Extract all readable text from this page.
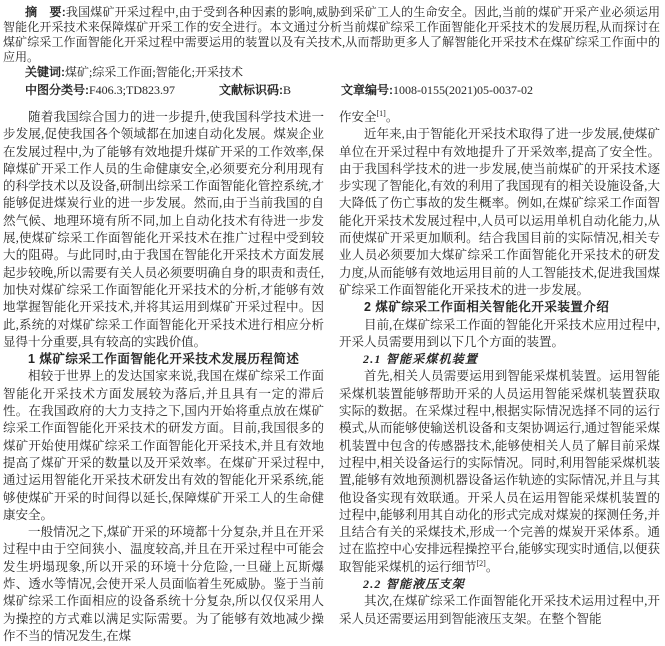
摘　要:我国煤矿开采过程中,由于受到各种因素的影响,威胁到采矿工人的生命安全。因此,当前的煤矿开采产业必须运用智能化开采技术来保障煤矿开采工作的安全进行。本文通过分析当前煤矿综采工作面智能化开采技术的发展历程,从而探讨在煤矿综采工作面智能化开采过程中需要运用的装置以及有关技术,从而帮助更多人了解智能化开采技术在煤矿综采工作面中的应用。
关键词:煤矿;综采工作面;智能化;开采技术
中图分类号:F406.3;TD823.97	文献标识码:B	文章编号:1008-0155(2021)05-0037-02

随着我国综合国力的进一步提升,使我国科学技术进一步发展,促使我国各个领域都在加速自动化发展。煤炭企业在发展过程中,为了能够有效地提升煤矿开采的工作效率,保障煤矿开采工作人员的生命健康安全,必须要充分利用现有的科学技术以及设备,研制出综采工作面智能化管控系统,才能够促进煤炭行业的进一步发展。然而,由于当前我国的自然气候、地理环境有所不同,加上自动化技术有待进一步发展,使煤矿综采工作面智能化开采技术在推广过程中受到较大的阻碍。与此同时,由于我国在智能化开采技术方面发展起步较晚,所以需要有关人员必须要明确自身的职责和责任,加快对煤矿综采工作面智能化开采技术的分析,才能够有效地掌握智能化开采技术,并将其运用到煤矿开采过程中。因此,系统的对煤矿综采工作面智能化开采技术进行相应分析显得十分重要,具有较高的实践价值。

1 煤矿综采工作面智能化开采技术发展历程简述

相较于世界上的发达国家来说,我国在煤矿综采工作面智能化开采技术方面发展较为落后,并且具有一定的滞后性。在我国政府的大力支持之下,国内开始将重点放在煤矿综采工作面智能化开采技术的研发方面。目前,我国很多的煤矿开始使用煤矿综采工作面智能化开采技术,并且有效地提高了煤矿开采的数量以及开采效率。在煤矿开采过程中,通过运用智能化开采技术研发出有效的智能化开采系统,能够使煤矿开采的时间得以延长,保障煤矿开采工人的生命健康安全。

一般情况之下,煤矿开采的环境都十分复杂,并且在开采过程中由于空间狭小、温度较高,并且在开采过程中可能会发生坍塌现象,所以开采的环境十分危险,一旦碰上瓦斯爆炸、透水等情况,会使开采人员面临着生死威胁。鉴于当前煤矿综采工作面相应的设备系统十分复杂,所以仅仅采用人为操控的方式难以满足实际需要。为了能够有效地减少操作不当的情况发生,在煤

作安全[1]。

近年来,由于智能化开采技术取得了进一步发展,使煤矿单位在开采过程中有效地提升了开采效率,提高了安全性。由于我国科学技术的进一步发展,使当前煤矿的开采技术逐步实现了智能化,有效的利用了我国现有的相关设施设备,大大降低了伤亡事故的发生概率。例如,在煤矿综采工作面智能化开采技术发展过程中,人员可以运用单机自动化能力,从而使煤矿开采更加顺利。结合我国目前的实际情况,相关专业人员必须要加大煤矿综采工作面智能化开采技术的研发力度,从而能够有效地运用目前的人工智能技术,促进我国煤矿综采工作面智能化开采技术的进一步发展。

2 煤矿综采工作面相关智能化开采装置介绍

目前,在煤矿综采工作面的智能化开采技术应用过程中,开采人员需要用到以下几个方面的装置。

2.1 智能采煤机装置

首先,相关人员需要运用到智能采煤机装置。运用智能采煤机装置能够帮助开采的人员运用智能采煤机装置获取实际的数据。在采煤过程中,根据实际情况选择不同的运行模式,从而能够使输送机设备和支架协调运行,通过智能采煤机装置中包含的传感器技术,能够使相关人员了解目前采煤过程中,相关设备运行的实际情况。同时,利用智能采煤机装置,能够有效地预测机器设备运作轨迹的实际情况,并且与其他设备实现有效联通。开采人员在运用智能采煤机装置的过程中,能够利用其自动化的形式完成对煤炭的探测任务,并且结合有关的采煤技术,形成一个完善的煤炭开采体系。通过在监控中心安排远程操控平台,能够实现实时通信,以便获取智能采煤机的运行细节[2]。

2.2 智能液压支架

其次,在煤矿综采工作面智能化开采技术运用过程中,开采人员还需要运用到智能液压支架。在整个智能
